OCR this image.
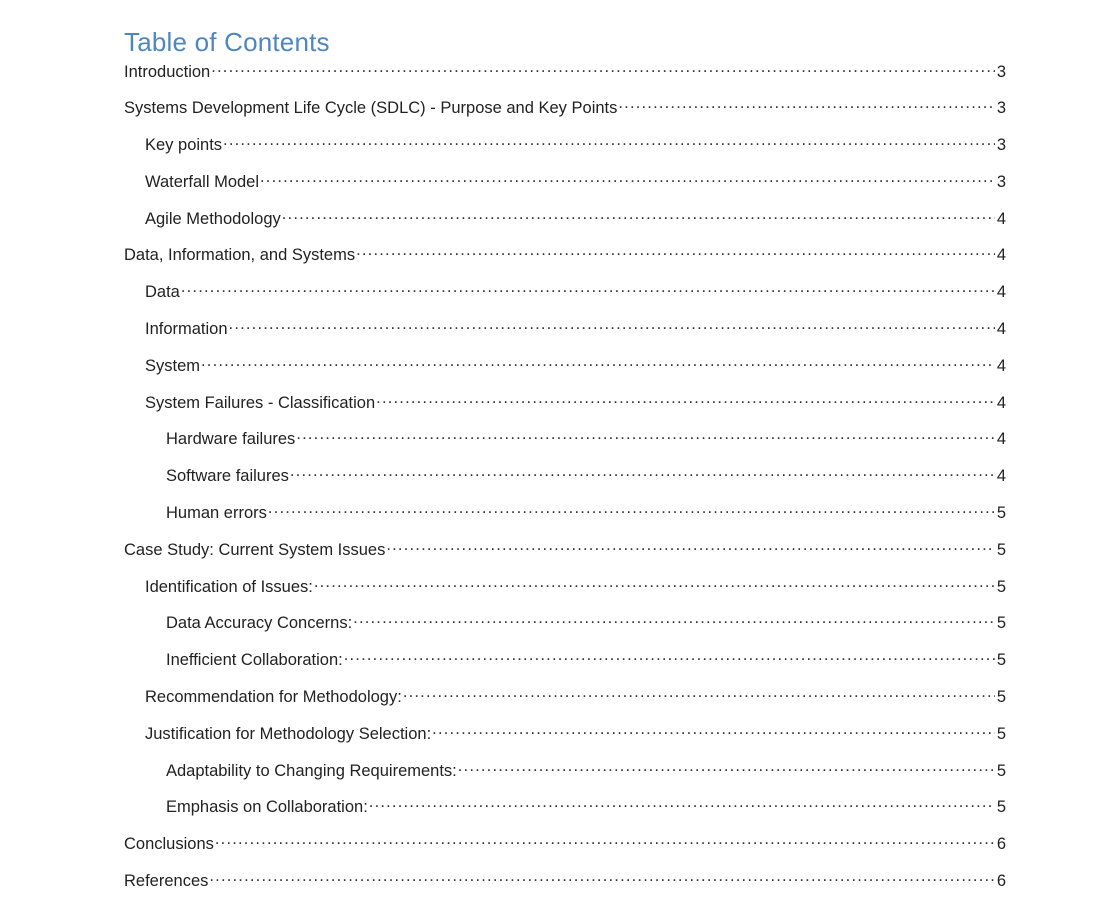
Table of Contents
Introduction .....	3
Systems Development Life Cycle (SDLC) - Purpose and Key Points .....	3
Key points .....	3
Waterfall Model .....	3
Agile Methodology .....	4
Data, Information, and Systems .....	4
Data .....	4
Information .....	4
System .....	4
System Failures - Classification .....	4
Hardware failures .....	4
Software failures .....	4
Human errors .....	5
Case Study: Current System Issues .....	5
Identification of Issues: .....	5
Data Accuracy Concerns: .....	5
Inefficient Collaboration: .....	5
Recommendation for Methodology: .....	5
Justification for Methodology Selection: .....	5
Adaptability to Changing Requirements: .....	5
Emphasis on Collaboration: .....	5
Conclusions .....	6
References .....	6
